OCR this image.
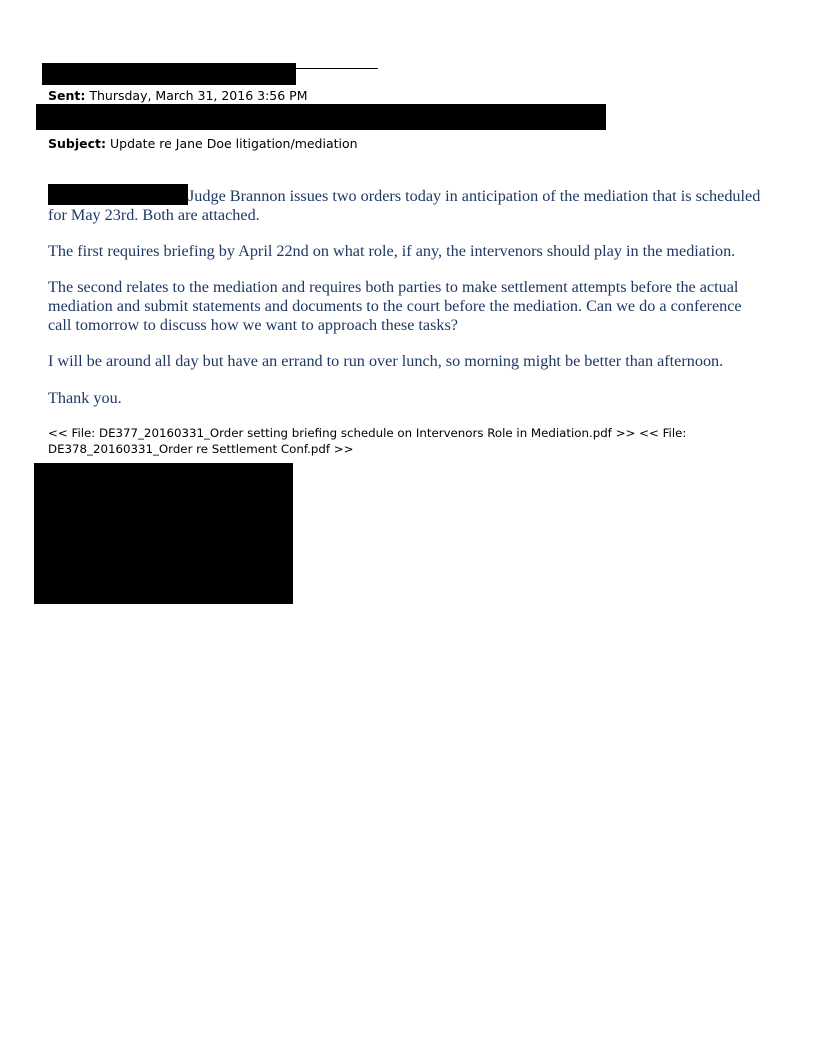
Sent: Thursday, March 31, 2016 3:56 PM
Subject: Update re Jane Doe litigation/mediation
Judge Brannon issues two orders today in anticipation of the mediation that is scheduled
for May 23rd. Both are attached.
The first requires briefing by April 22nd on what role, if any, the intervenors should play in the mediation.
The second relates to the mediation and requires both parties to make settlement attempts before the actual
mediation and submit statements and documents to the court before the mediation. Can we do a conference
call tomorrow to discuss how we want to approach these tasks?
I will be around all day but have an errand to run over lunch, so morning might be better than afternoon.
Thank you.
<< File: DE377_20160331_Order setting briefing schedule on Intervenors Role in Mediation.pdf >> << File:
DE378_20160331_Order re Settlement Conf.pdf >>
